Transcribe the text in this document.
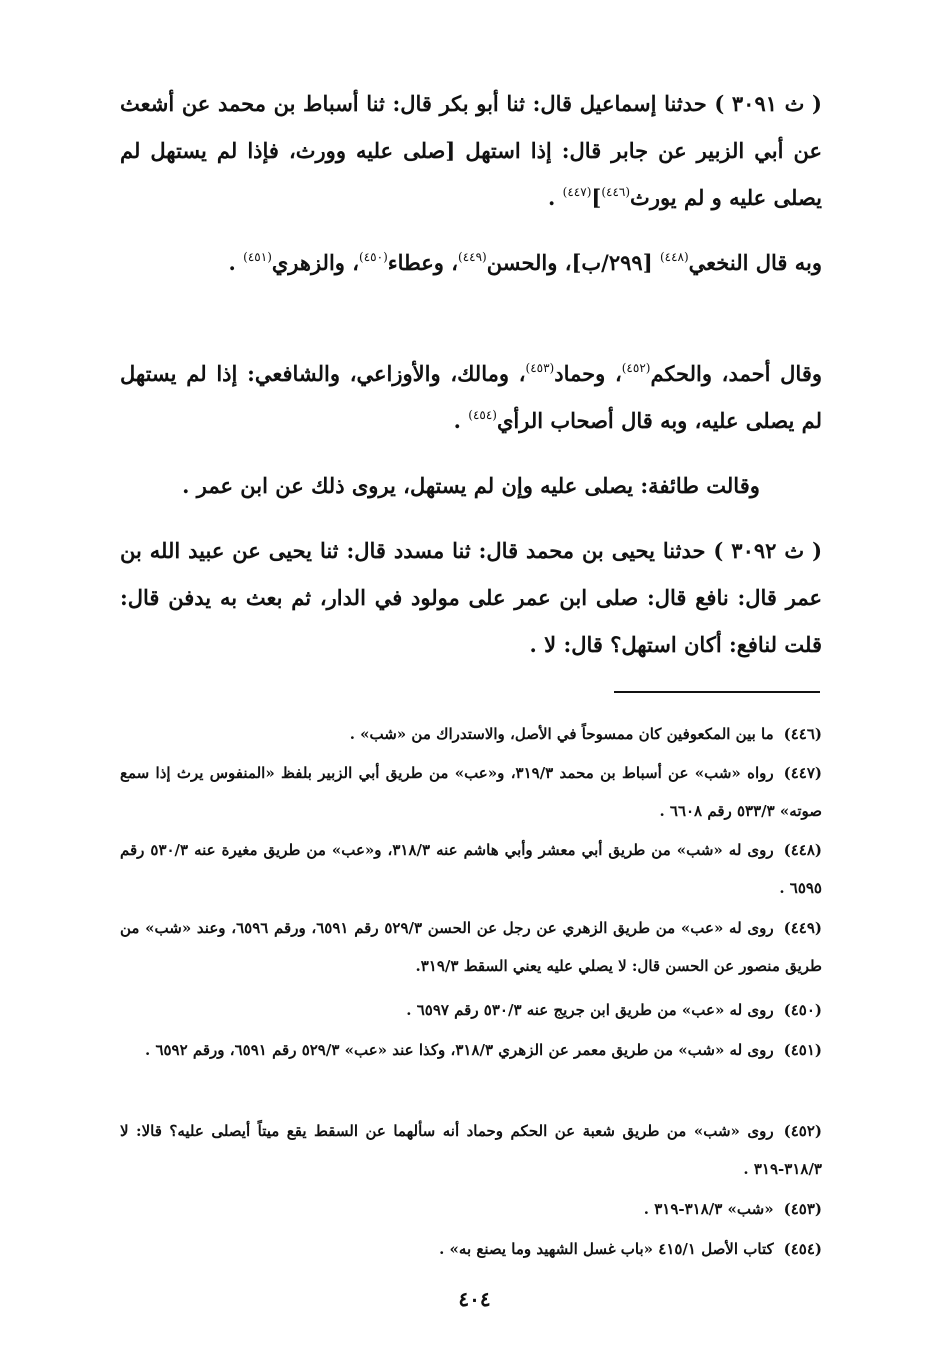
( ث ٣٠٩١ ) حدثنا إسماعيل قال: ثنا أبو بكر قال: ثنا أسباط بن محمد عن أشعث عن أبي الزبير عن جابر قال: إذا استهل [صلى عليه وورث، فإذا لم يستهل لم يصلى عليه و لم يورث$^{(٤٤٦)}$]$^{(٤٤٧)}$ .

وبه قال النخعي$^{(٤٤٨)}$ [٢٩٩/ب]، والحسن$^{(٤٤٩)}$، وعطاء$^{(٤٥٠)}$، والزهري$^{(٤٥١)}$ .

وقال أحمد، والحكم$^{(٤٥٢)}$، وحماد$^{(٤٥٣)}$، ومالك، والأوزاعي، والشافعي: إذا لم يستهل لم يصلى عليه، وبه قال أصحاب الرأي$^{(٤٥٤)}$ .

وقالت طائفة: يصلى عليه وإن لم يستهل، يروى ذلك عن ابن عمر .

( ث ٣٠٩٢ ) حدثنا يحيى بن محمد قال: ثنا مسدد قال: ثنا يحيى عن عبيد الله بن عمر قال: نافع قال: صلى ابن عمر على مولود في الدار، ثم بعث به يدفن قال: قلت لنافع: أكان استهل؟ قال: لا .

(٤٤٦)ما بين المكعوفين كان ممسوحاً في الأصل، والاستدراك من «شب» .

(٤٤٧)رواه «شب» عن أسباط بن محمد ٣١٩/٣، و«عب» من طريق أبي الزبير بلفظ «المنفوس يرث إذا سمع صوته» ٥٣٣/٣ رقم ٦٦٠٨ .

(٤٤٨)روى له «شب» من طريق أبي معشر وأبي هاشم عنه ٣١٨/٣، و«عب» من طريق مغيرة عنه ٥٣٠/٣ رقم ٦٥٩٥ .

(٤٤٩)روى له «عب» من طريق الزهري عن رجل عن الحسن ٥٢٩/٣ رقم ٦٥٩١، ورقم ٦٥٩٦، وعند «شب» من طريق منصور عن الحسن قال: لا يصلي عليه يعني السقط ٣١٩/٣.

(٤٥٠)روى له «عب» من طريق ابن جريج عنه ٥٣٠/٣ رقم ٦٥٩٧ .

(٤٥١)روى له «شب» من طريق معمر عن الزهري ٣١٨/٣، وكذا عند «عب» ٥٢٩/٣ رقم ٦٥٩١، ورقم ٦٥٩٢ .

(٤٥٢)روى «شب» من طريق شعبة عن الحكم وحماد أنه سألهما عن السقط يقع ميتاً أيصلى عليه؟ قالا: لا ٣١٨/٣-٣١٩ .

(٤٥٣)«شب» ٣١٨/٣-٣١٩ .

(٤٥٤)كتاب الأصل ٤١٥/١ «باب غسل الشهيد وما يصنع به» .

٤٠٤
